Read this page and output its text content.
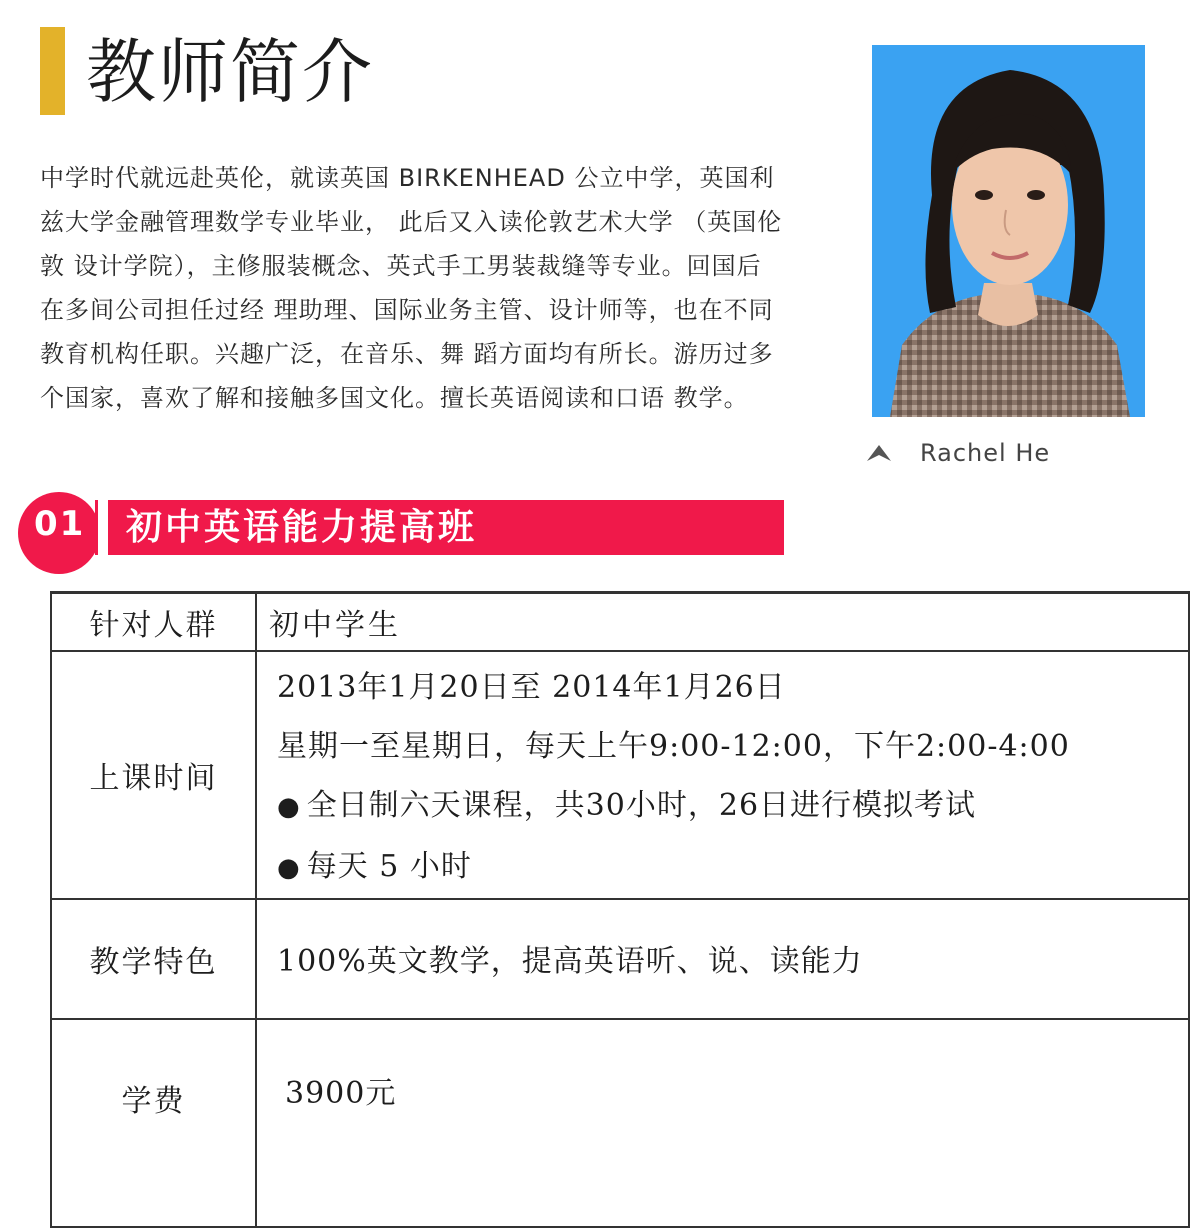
教师简介
中学时代就远赴英伦，就读英国 BIRKENHEAD 公立中学，英国利
兹大学金融管理数学专业毕业， 此后又入读伦敦艺术大学 （英国伦
敦 设计学院），主修服装概念、英式手工男装裁缝等专业。回国后
在多间公司担任过经 理助理、国际业务主管、设计师等，也在不同
教育机构任职。兴趣广泛，在音乐、舞 蹈方面均有所长。游历过多
个国家，喜欢了解和接触多国文化。擅长英语阅读和口语 教学。
Rachel He
01 初中英语能力提高班
针对人群	初中学生
上课时间	2013年1月20日至 2014年1月26日
星期一至星期日，每天上午9:00-12:00，下午2:00-4:00
● 全日制六天课程，共30小时，26日进行模拟考试
● 每天 5 小时

教学特色	100%英文教学，提高英语听、说、读能力

学费	3900元
